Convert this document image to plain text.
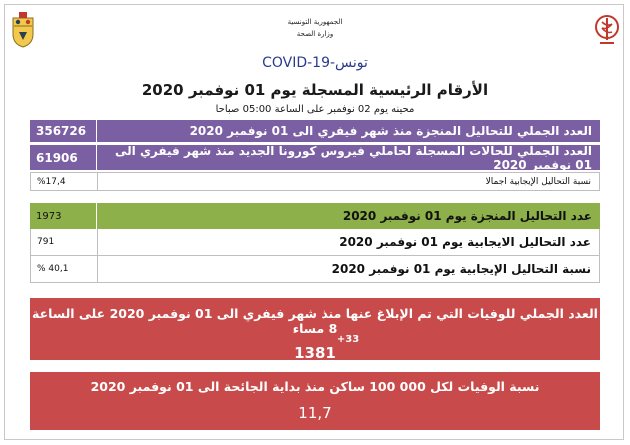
الجمهورية التونسية
وزارة الصحة
COVID-19-تونس
الأرقام الرئيسية المسجلة يوم 01 نوفمبر 2020
محينه يوم 02 نوفمبر على الساعة 05:00 صباحا
356726	العدد الجملي للتحاليل المنجزة منذ شهر فيفري الى 01 نوفمبر 2020
61906	العدد الجملي للحالات المسجلة لحاملي فيروس كورونا الجديد منذ شهر فيفري الى 01 نوفمبر 2020
%17,4	نسبة التحاليل الإيجابية اجمالا
1973	عدد التحاليل المنجزة يوم 01 نوفمبر 2020
791	عدد التحاليل الايجابية يوم 01 نوفمبر 2020
% 40,1	نسبة التحاليل الإيجابية يوم 01 نوفمبر 2020
العدد الجملي للوفيات التي تم الإبلاغ عنها منذ شهر فيفري الى 01 نوفمبر 2020 على الساعة 8 مساء
1381
+33
نسبة الوفيات لكل 000 100 ساكن منذ بداية الجائحة الى 01 نوفمبر 2020
11,7
